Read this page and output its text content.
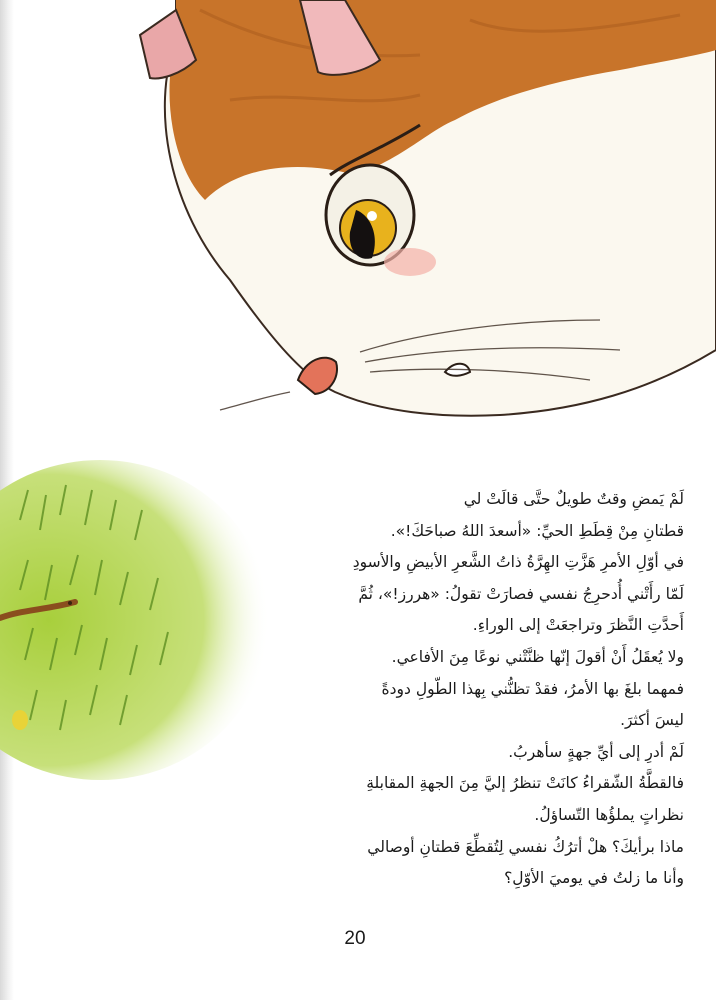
لَمْ يَمضِ وقتٌ طويلٌ حتَّى قالَتْ لي
قطتانِ مِنْ قِطَطِ الحيِّ: «أسعدَ اللهُ صباحَكَ!».
في أوّلِ الأمرِ هَزَّتِ الهِرَّةُ ذاتُ الشَّعرِ الأبيضِ والأسودِ
لَمّا رأَتْني أُدحرِجُ نفسي فصارَتْ تقولُ: «هررز!»، ثُمَّ
أَحدَّتِ النَّظرَ وتراجعَتْ إلى الوراءِ.
ولا يُعقَلُ أَنْ أقولَ إنّها ظنَّتْني نوعًا مِنَ الأفاعي.
فمهما بلغَ بها الأمرُ، فقدْ تظنُّني بِهذا الطّولِ دودةً
ليسَ أكثرَ.
لَمْ أدرِ إلى أيِّ جهةٍ سأهربُ.
فالقطَّةُ الشّقراءُ كانَتْ تنظرُ إليَّ مِنَ الجهةِ المقابلةِ
نظراتٍ يملؤُها التّساؤلُ.
ماذا برأيكَ؟ هلْ أترُكُ نفسي لِتُقطِّعَ قطتانِ أوصالي
وأنا ما زلتُ في يوميَ الأوّلِ؟
20
